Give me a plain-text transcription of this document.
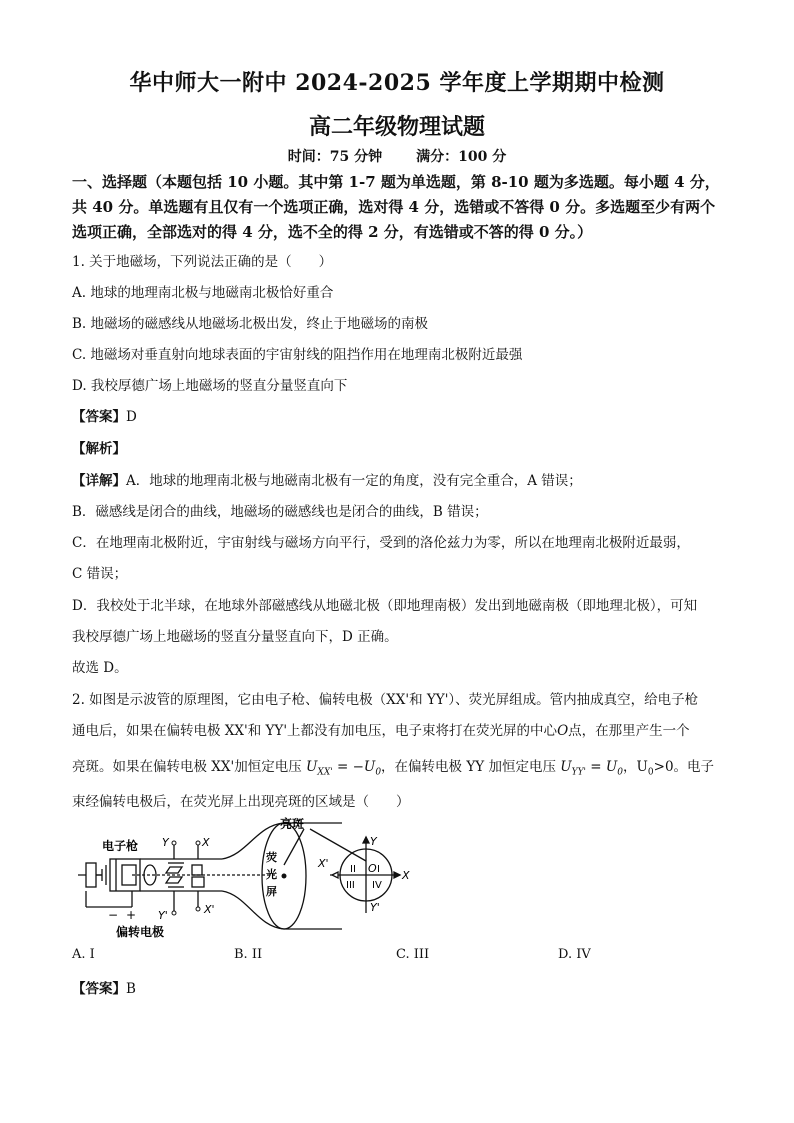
华中师大一附中 2024-2025 学年度上学期期中检测
高二年级物理试题
时间：75 分钟 满分：100 分
一、选择题（本题包括 10 小题。其中第 1-7 题为单选题，第 8-10 题为多选题。每小题 4 分，共 40 分。单选题有且仅有一个选项正确，选对得 4 分，选错或不答得 0 分。多选题至少有两个选项正确，全部选对的得 4 分，选不全的得 2 分，有选错或不答的得 0 分。）
1. 关于地磁场，下列说法正确的是（　　）
A. 地球的地理南北极与地磁南北极恰好重合
B. 地磁场的磁感线从地磁场北极出发，终止于地磁场的南极
C. 地磁场对垂直射向地球表面的宇宙射线的阻挡作用在地理南北极附近最强
D. 我校厚德广场上地磁场的竖直分量竖直向下
【答案】D
【解析】
【详解】A．地球的地理南北极与地磁南北极有一定的角度，没有完全重合，A 错误；
B．磁感线是闭合的曲线，地磁场的磁感线也是闭合的曲线，B 错误；
C．在地理南北极附近，宇宙射线与磁场方向平行，受到的洛伦兹力为零，所以在地理南北极附近最弱，
C 错误；
D．我校处于北半球，在地球外部磁感线从地磁北极（即地理南极）发出到地磁南极（即地理北极），可知
我校厚德广场上地磁场的竖直分量竖直向下，D 正确。
故选 D。
2. 如图是示波管的原理图，它由电子枪、偏转电极（XX'和 YY'）、荧光屏组成。管内抽成真空，给电子枪
通电后，如果在偏转电极 XX'和 YY'上都没有加电压，电子束将打在荧光屏的中心O点，在那里产生一个
亮斑。如果在偏转电极 XX'加恒定电压 $U_{XX'} = -U_0$，在偏转电极 YY 加恒定电压 $U_{YY'} = U_0$，$U_0>0$。电子
束经偏转电极后，在荧光屏上出现亮斑的区域是（　　）
电子枪
亮斑
荧
光
屏
偏转电极
Y	X
X'
Y'
− +
Y
Y'
X
X'	O I
II
III IV
A. I	B. II	C. III	D. IV
【答案】B
